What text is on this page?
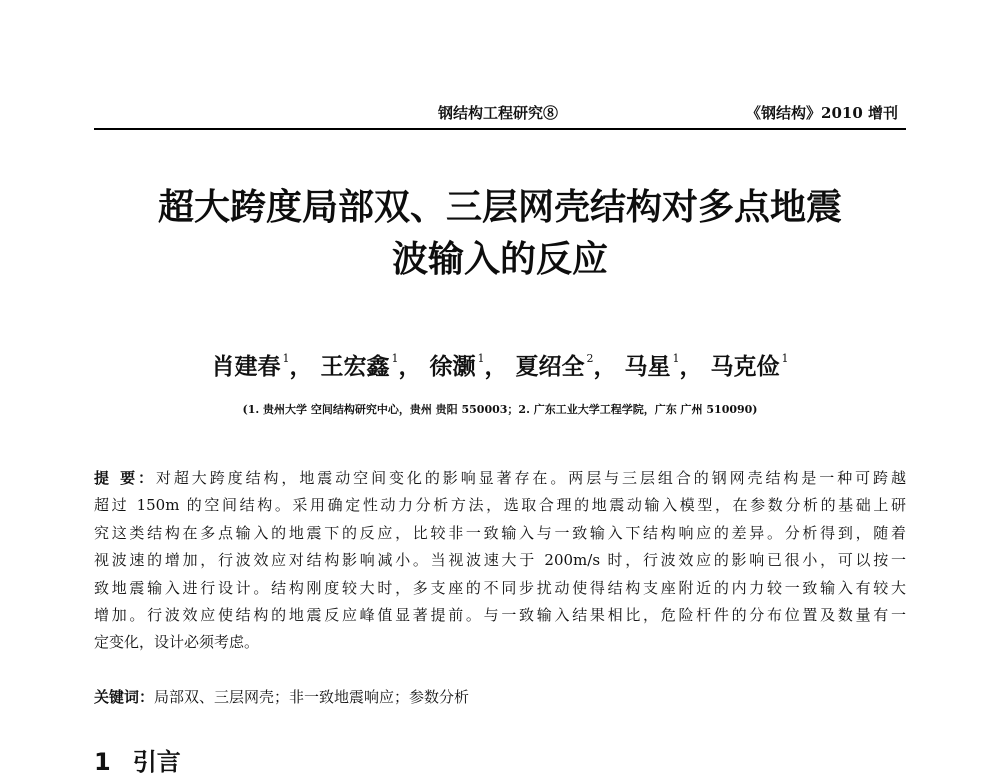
钢结构工程研究⑧	《钢结构》2010 增刊
超大跨度局部双、三层网壳结构对多点地震
波输入的反应
肖建春 $^1$， 王宏鑫 $^1$， 徐灏 $^1$， 夏绍全 $^2$， 马星 $^1$， 马克俭 $^1$
(1. 贵州大学 空间结构研究中心，贵州 贵阳 550003；2. 广东工业大学工程学院，广东 广州 510090)
提 要：对超大跨度结构，地震动空间变化的影响显著存在。两层与三层组合的钢网壳结构是一种可跨越
超过 150m 的空间结构。采用确定性动力分析方法，选取合理的地震动输入模型，在参数分析的基础上研
究这类结构在多点输入的地震下的反应，比较非一致输入与一致输入下结构响应的差异。分析得到，随着
视波速的增加，行波效应对结构影响减小。当视波速大于 200m/s 时，行波效应的影响已很小，可以按一
致地震输入进行设计。结构刚度较大时，多支座的不同步扰动使得结构支座附近的内力较一致输入有较大
增加。行波效应使结构的地震反应峰值显著提前。与一致输入结果相比，危险杆件的分布位置及数量有一
定变化，设计必须考虑。
关键词：局部双、三层网壳；非一致地震响应；参数分析
1 引言
